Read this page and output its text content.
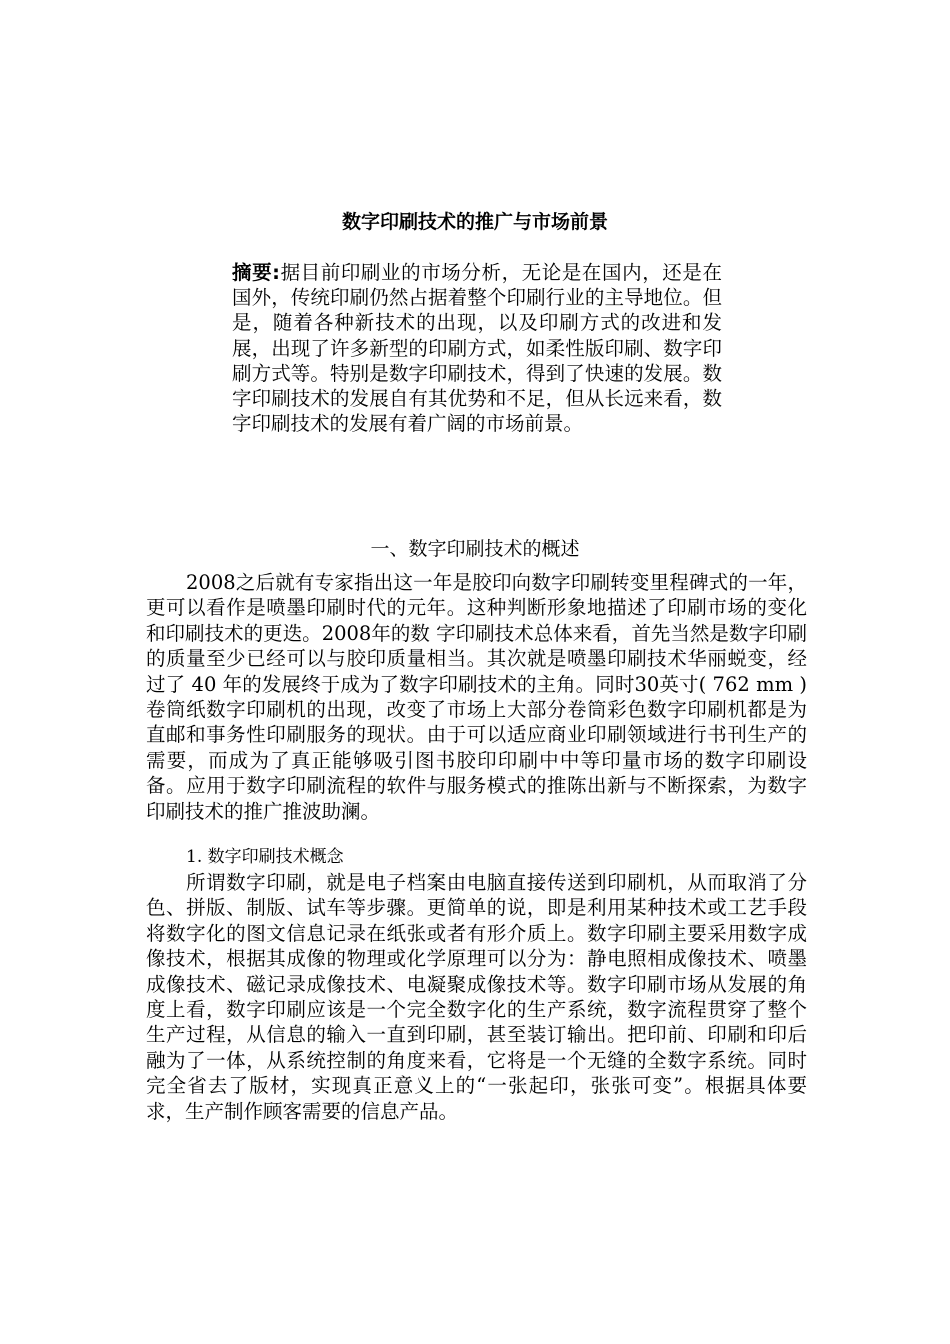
数字印刷技术的推广与市场前景
摘要:据目前印刷业的市场分析，无论是在国内，还是在国外，传统印刷仍然占据着整个印刷行业的主导地位。但是，随着各种新技术的出现，以及印刷方式的改进和发展，出现了许多新型的印刷方式，如柔性版印刷、数字印刷方式等。特别是数字印刷技术，得到了快速的发展。数字印刷技术的发展自有其优势和不足，但从长远来看，数字印刷技术的发展有着广阔的市场前景。
一、数字印刷技术的概述

2008之后就有专家指出这一年是胶印向数字印刷转变里程碑式的一年，更可以看作是喷墨印刷时代的元年。这种判断形象地描述了印刷市场的变化和印刷技术的更迭。2008年的数 字印刷技术总体来看，首先当然是数字印刷的质量至少已经可以与胶印质量相当。其次就是喷墨印刷技术华丽蜕变，经过了 40 年的发展终于成为了数字印刷技术的主角。同时30英寸( 762 mm ) 卷筒纸数字印刷机的出现，改变了市场上大部分卷筒彩色数字印刷机都是为直邮和事务性印刷服务的现状。由于可以适应商业印刷领域进行书刊生产的需要，而成为了真正能够吸引图书胶印印刷中中等印量市场的数字印刷设备。应用于数字印刷流程的软件与服务模式的推陈出新与不断探索，为数字印刷技术的推广推波助澜。

1. 数字印刷技术概念

所谓数字印刷，就是电子档案由电脑直接传送到印刷机，从而取消了分色、拼版、制版、试车等步骤。更简单的说，即是利用某种技术或工艺手段将数字化的图文信息记录在纸张或者有形介质上。数字印刷主要采用数字成像技术，根据其成像的物理或化学原理可以分为：静电照相成像技术、喷墨成像技术、磁记录成像技术、电凝聚成像技术等。数字印刷市场从发展的角度上看，数字印刷应该是一个完全数字化的生产系统，数字流程贯穿了整个生产过程，从信息的输入一直到印刷，甚至装订输出。把印前、印刷和印后融为了一体，从系统控制的角度来看，它将是一个无缝的全数字系统。同时完全省去了版材，实现真正意义上的“一张起印，张张可变”。根据具体要求，生产制作顾客需要的信息产品。
